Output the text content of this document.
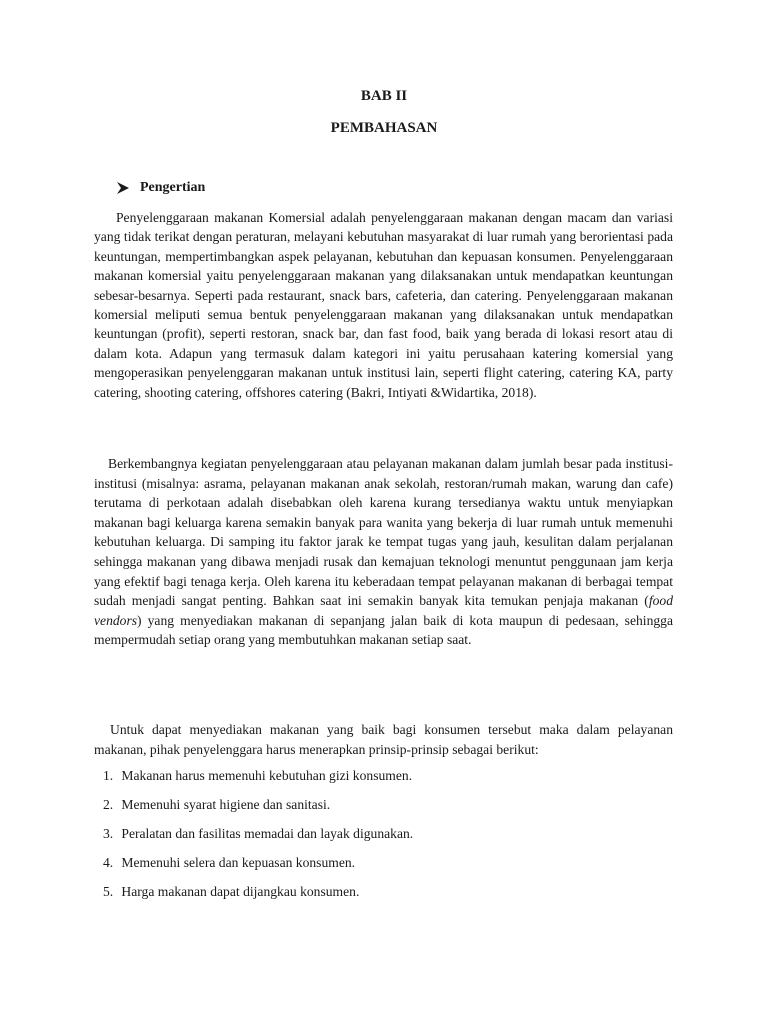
BAB II
PEMBAHASAN
Pengertian

Penyelenggaraan makanan Komersial adalah penyelenggaraan makanan dengan macam dan variasi yang tidak terikat dengan peraturan, melayani kebutuhan masyarakat di luar rumah yang berorientasi pada keuntungan, mempertimbangkan aspek pelayanan, kebutuhan dan kepuasan konsumen. Penyelenggaraan makanan komersial yaitu penyelenggaraan makanan yang dilaksanakan untuk mendapatkan keuntungan sebesar-besarnya. Seperti pada restaurant, snack bars, cafeteria, dan catering. Penyelenggaraan makanan komersial meliputi semua bentuk penyelenggaraan makanan yang dilaksanakan untuk mendapatkan keuntungan (profit), seperti restoran, snack bar, dan fast food, baik yang berada di lokasi resort atau di dalam kota. Adapun yang termasuk dalam kategori ini yaitu perusahaan katering komersial yang mengoperasikan penyelenggaran makanan untuk institusi lain, seperti flight catering, catering KA, party catering, shooting catering, offshores catering (Bakri, Intiyati &Widartika, 2018).

Berkembangnya kegiatan penyelenggaraan atau pelayanan makanan dalam jumlah besar pada institusi-institusi (misalnya: asrama, pelayanan makanan anak sekolah, restoran/rumah makan, warung dan cafe) terutama di perkotaan adalah disebabkan oleh karena kurang tersedianya waktu untuk menyiapkan makanan bagi keluarga karena semakin banyak para wanita yang bekerja di luar rumah untuk memenuhi kebutuhan keluarga. Di samping itu faktor jarak ke tempat tugas yang jauh, kesulitan dalam perjalanan sehingga makanan yang dibawa menjadi rusak dan kemajuan teknologi menuntut penggunaan jam kerja yang efektif bagi tenaga kerja. Oleh karena itu keberadaan tempat pelayanan makanan di berbagai tempat sudah menjadi sangat penting. Bahkan saat ini semakin banyak kita temukan penjaja makanan (food vendors) yang menyediakan makanan di sepanjang jalan baik di kota maupun di pedesaan, sehingga mempermudah setiap orang yang membutuhkan makanan setiap saat.

Untuk dapat menyediakan makanan yang baik bagi konsumen tersebut maka dalam pelayanan makanan, pihak penyelenggara harus menerapkan prinsip-prinsip sebagai berikut:

1. Makanan harus memenuhi kebutuhan gizi konsumen.
2. Memenuhi syarat higiene dan sanitasi.
3. Peralatan dan fasilitas memadai dan layak digunakan.
4. Memenuhi selera dan kepuasan konsumen.
5. Harga makanan dapat dijangkau konsumen.
